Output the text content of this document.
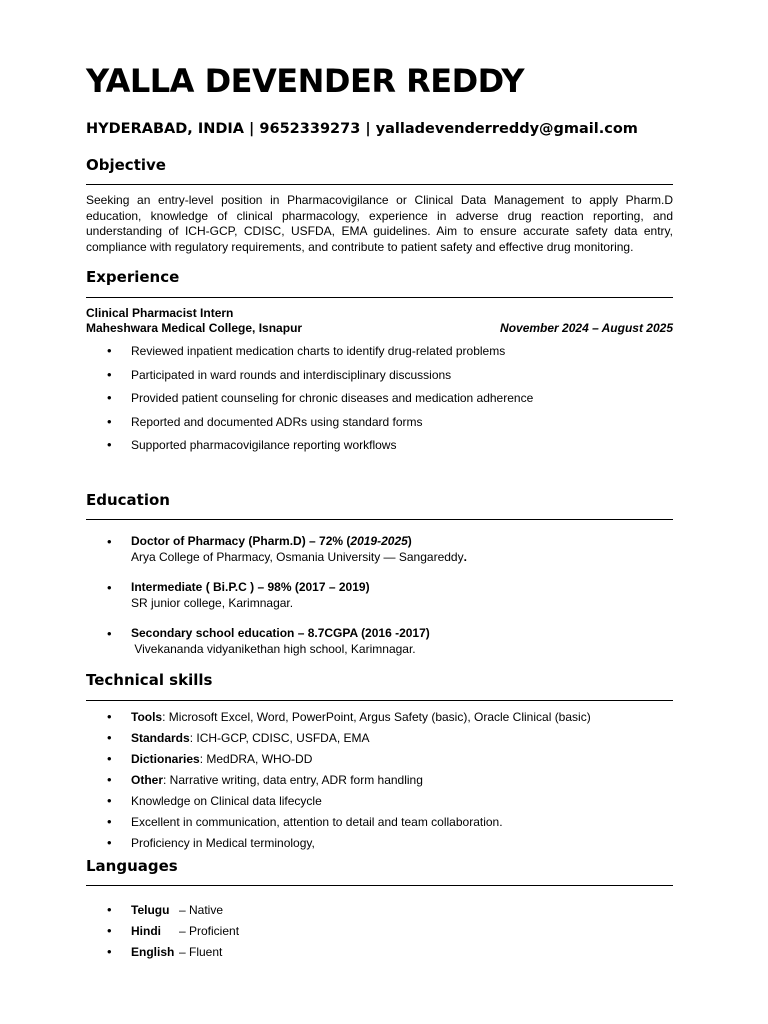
YALLA DEVENDER REDDY

HYDERABAD, INDIA | 9652339273 | yalladevenderreddy@gmail.com

Objective

Seeking an entry-level position in Pharmacovigilance or Clinical Data Management to apply Pharm.D education, knowledge of clinical pharmacology, experience in adverse drug reaction reporting, and understanding of ICH-GCP, CDISC, USFDA, EMA guidelines. Aim to ensure accurate safety data entry, compliance with regulatory requirements, and contribute to patient safety and effective drug monitoring.

Experience

Clinical Pharmacist Intern

Maheshwara Medical College, Isnapur	November 2024 – August 2025

• Reviewed inpatient medication charts to identify drug-related problems
• Participated in ward rounds and interdisciplinary discussions
• Provided patient counseling for chronic diseases and medication adherence
• Reported and documented ADRs using standard forms
• Supported pharmacovigilance reporting workflows
Education
• Doctor of Pharmacy (Pharm.D) – 72% (2019-2025)
Arya College of Pharmacy, Osmania University — Sangareddy.
• Intermediate ( Bi.P.C ) – 98% (2017 – 2019)
SR junior college, Karimnagar.
• Secondary school education – 8.7CGPA (2016 -2017)
Vivekananda vidyanikethan high school, Karimnagar.
Technical skills
• Tools: Microsoft Excel, Word, PowerPoint, Argus Safety (basic), Oracle Clinical (basic)
• Standards: ICH-GCP, CDISC, USFDA, EMA
• Dictionaries: MedDRA, WHO-DD
• Other: Narrative writing, data entry, ADR form handling
• Knowledge on Clinical data lifecycle
• Excellent in communication, attention to detail and team collaboration.
• Proficiency in Medical terminology,
Languages
• Telugu – Native
• Hindi – Proficient
• English – Fluent
